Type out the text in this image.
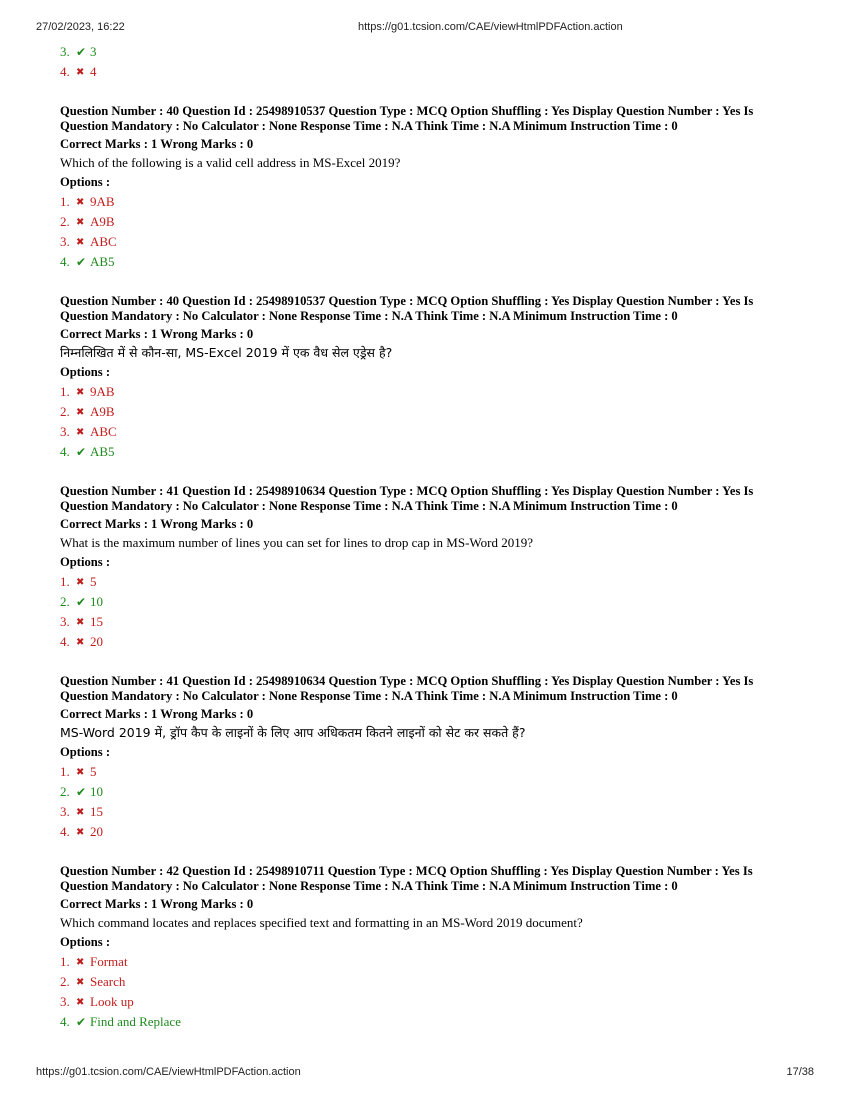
27/02/2023, 16:22	https://g01.tcsion.com/CAE/viewHtmlPDFAction.action
3. ✔ 3
4. ✖ 4
Question Number : 40 Question Id : 25498910537 Question Type : MCQ Option Shuffling : Yes Display Question Number : Yes Is Question Mandatory : No Calculator : None Response Time : N.A Think Time : N.A Minimum Instruction Time : 0
Correct Marks : 1 Wrong Marks : 0
Which of the following is a valid cell address in MS-Excel 2019?
Options :
1. ✖ 9AB
2. ✖ A9B
3. ✖ ABC
4. ✔ AB5
Question Number : 40 Question Id : 25498910537 Question Type : MCQ Option Shuffling : Yes Display Question Number : Yes Is Question Mandatory : No Calculator : None Response Time : N.A Think Time : N.A Minimum Instruction Time : 0
Correct Marks : 1 Wrong Marks : 0
निम्नलिखित में से कौन-सा, MS-Excel 2019 में एक वैध सेल एड्रेस है?
Options :
1. ✖ 9AB
2. ✖ A9B
3. ✖ ABC
4. ✔ AB5
Question Number : 41 Question Id : 25498910634 Question Type : MCQ Option Shuffling : Yes Display Question Number : Yes Is Question Mandatory : No Calculator : None Response Time : N.A Think Time : N.A Minimum Instruction Time : 0
Correct Marks : 1 Wrong Marks : 0
What is the maximum number of lines you can set for lines to drop cap in MS-Word 2019?
Options :
1. ✖ 5
2. ✔ 10
3. ✖ 15
4. ✖ 20
Question Number : 41 Question Id : 25498910634 Question Type : MCQ Option Shuffling : Yes Display Question Number : Yes Is Question Mandatory : No Calculator : None Response Time : N.A Think Time : N.A Minimum Instruction Time : 0
Correct Marks : 1 Wrong Marks : 0
MS-Word 2019 में, ड्रॉप कैप के लाइनों के लिए आप अधिकतम कितने लाइनों को सेट कर सकते हैं?
Options :
1. ✖ 5
2. ✔ 10
3. ✖ 15
4. ✖ 20
Question Number : 42 Question Id : 25498910711 Question Type : MCQ Option Shuffling : Yes Display Question Number : Yes Is Question Mandatory : No Calculator : None Response Time : N.A Think Time : N.A Minimum Instruction Time : 0
Correct Marks : 1 Wrong Marks : 0
Which command locates and replaces specified text and formatting in an MS-Word 2019 document?
Options :
1. ✖ Format
2. ✖ Search
3. ✖ Look up
4. ✔ Find and Replace
https://g01.tcsion.com/CAE/viewHtmlPDFAction.action	17/38
